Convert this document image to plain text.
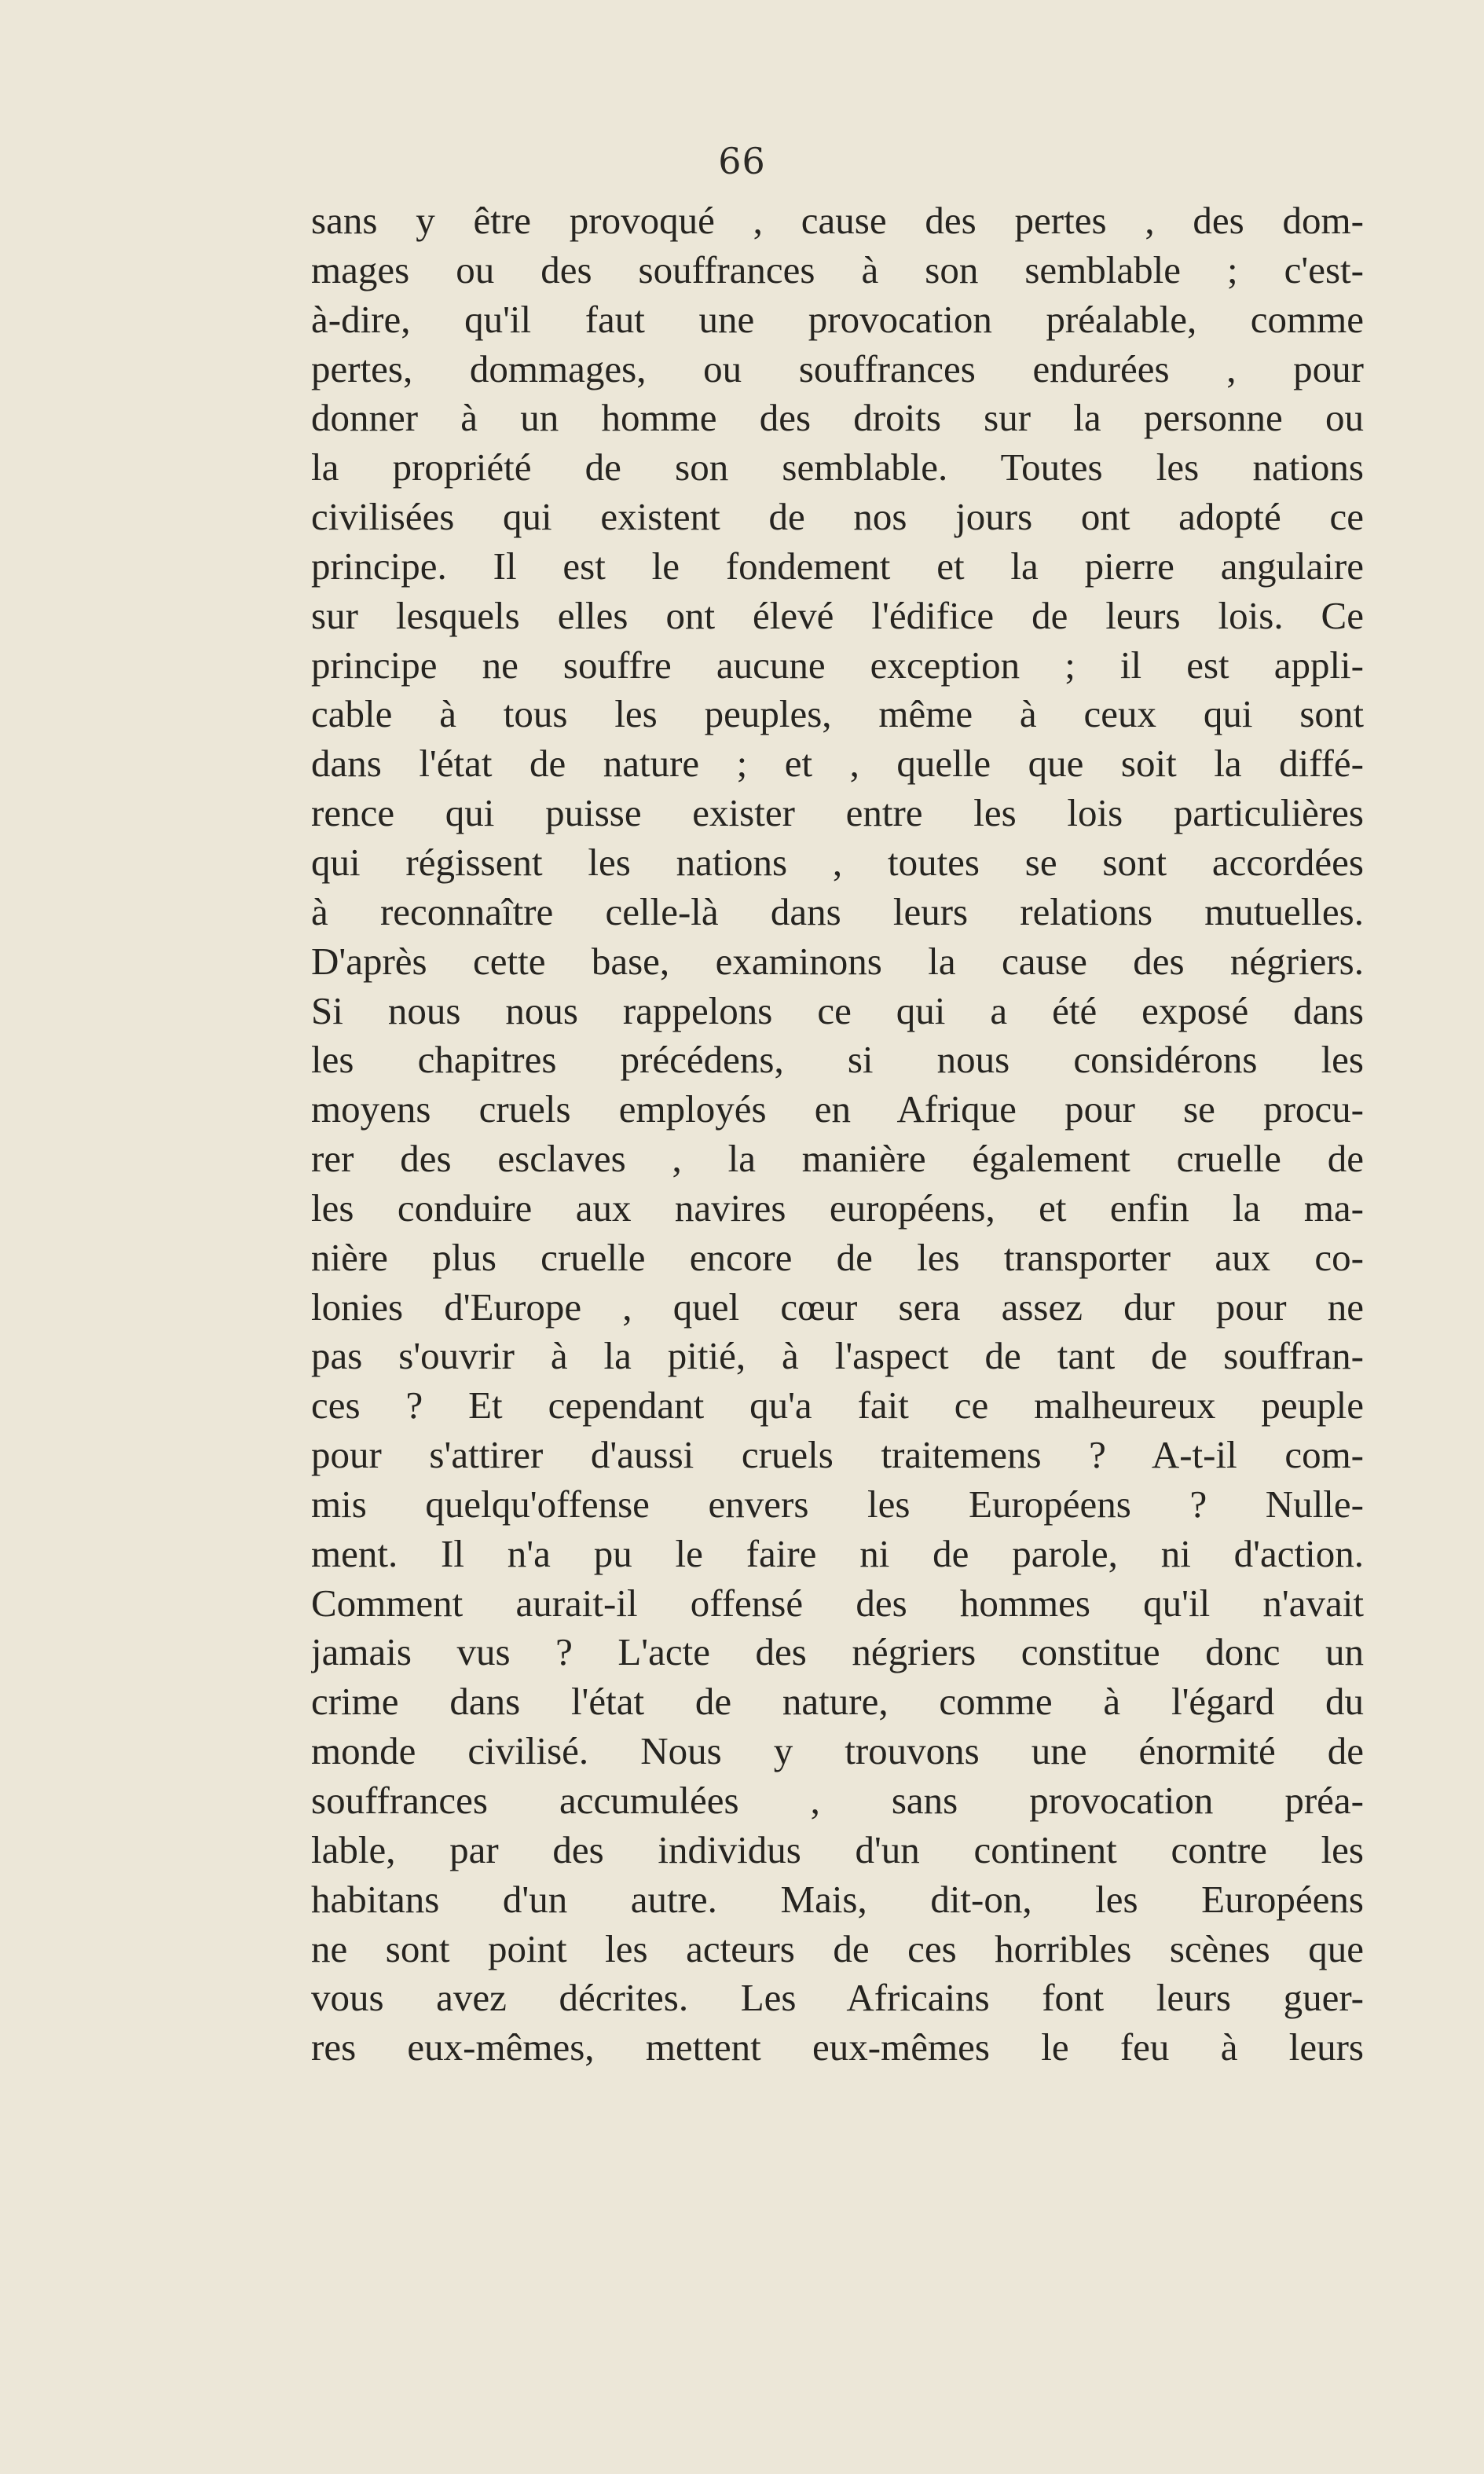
66
sans y être provoqué , cause des pertes , des dom-
mages ou des souffrances à son semblable ; c'est-
à-dire, qu'il faut une provocation préalable, comme
pertes, dommages, ou souffrances endurées , pour
donner à un homme des droits sur la personne ou
la propriété de son semblable. Toutes les nations
civilisées qui existent de nos jours ont adopté ce
principe. Il est le fondement et la pierre angulaire
sur lesquels elles ont élevé l'édifice de leurs lois. Ce
principe ne souffre aucune exception ; il est appli-
cable à tous les peuples, même à ceux qui sont
dans l'état de nature ; et , quelle que soit la diffé-
rence qui puisse exister entre les lois particulières
qui régissent les nations , toutes se sont accordées
à reconnaître celle-là dans leurs relations mutuelles.
D'après cette base, examinons la cause des négriers.
Si nous nous rappelons ce qui a été exposé dans
les chapitres précédens, si nous considérons les
moyens cruels employés en Afrique pour se procu-
rer des esclaves , la manière également cruelle de
les conduire aux navires européens, et enfin la ma-
nière plus cruelle encore de les transporter aux co-
lonies d'Europe , quel cœur sera assez dur pour ne
pas s'ouvrir à la pitié, à l'aspect de tant de souffran-
ces ? Et cependant qu'a fait ce malheureux peuple
pour s'attirer d'aussi cruels traitemens ? A-t-il com-
mis quelqu'offense envers les Européens ? Nulle-
ment. Il n'a pu le faire ni de parole, ni d'action.
Comment aurait-il offensé des hommes qu'il n'avait
jamais vus ? L'acte des négriers constitue donc un
crime dans l'état de nature, comme à l'égard du
monde civilisé. Nous y trouvons une énormité de
souffrances accumulées , sans provocation préa-
lable, par des individus d'un continent contre les
habitans d'un autre. Mais, dit-on, les Européens
ne sont point les acteurs de ces horribles scènes que
vous avez décrites. Les Africains font leurs guer-
res eux-mêmes, mettent eux-mêmes le feu à leurs
